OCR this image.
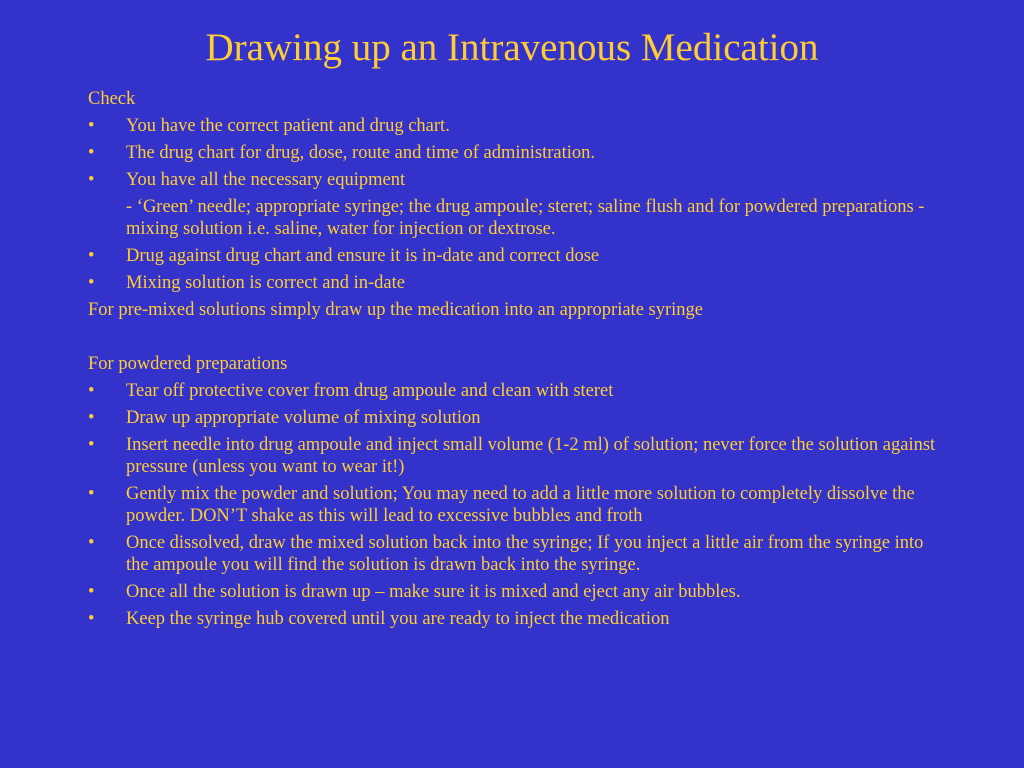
Drawing up an Intravenous Medication
Check
• You have the correct patient and drug chart.
• The drug chart for drug, dose, route and time of administration.
• You have all the necessary equipment
- ‘Green’ needle; appropriate syringe; the drug ampoule; steret; saline flush and for powdered preparations - mixing solution i.e. saline, water for injection or dextrose.
• Drug against drug chart and ensure it is in-date and correct dose
• Mixing solution is correct and in-date
For pre-mixed solutions simply draw up the medication into an appropriate syringe
For powdered preparations
• Tear off protective cover from drug ampoule and clean with steret
• Draw up appropriate volume of mixing solution
• Insert needle into drug ampoule and inject small volume (1-2 ml) of solution; never force the solution against pressure (unless you want to wear it!)
• Gently mix the powder and solution; You may need to add a little more solution to completely dissolve the powder. DON’T shake as this will lead to excessive bubbles and froth
• Once dissolved, draw the mixed solution back into the syringe; If you inject a little air from the syringe into the ampoule you will find the solution is drawn back into the syringe.
• Once all the solution is drawn up – make sure it is mixed and eject any air bubbles.
• Keep the syringe hub covered until you are ready to inject the medication
